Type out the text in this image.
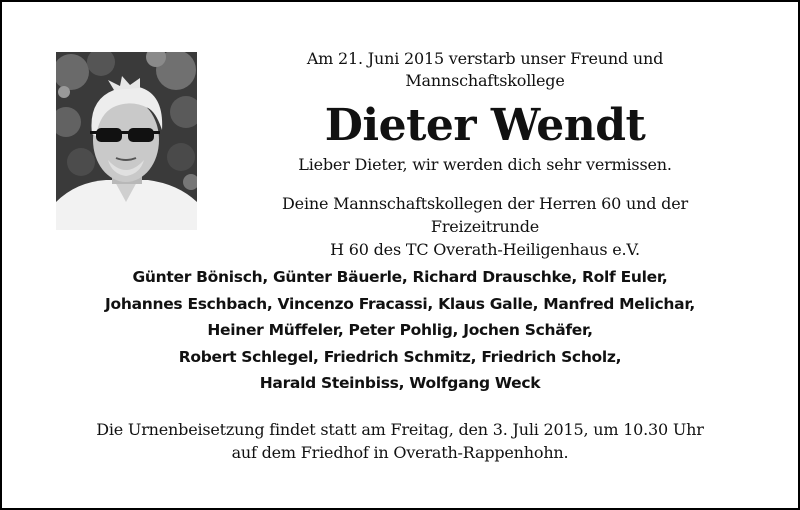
Am 21. Juni 2015 verstarb unser Freund und Mannschaftskollege
Dieter Wendt
Lieber Dieter, wir werden dich sehr vermissen.
Deine Mannschaftskollegen der Herren 60 und der Freizeitrunde
H 60 des TC Overath-Heiligenhaus e.V.
Günter Bönisch, Günter Bäuerle, Richard Drauschke, Rolf Euler,
Johannes Eschbach, Vincenzo Fracassi, Klaus Galle, Manfred Melichar,
Heiner Müffeler, Peter Pohlig, Jochen Schäfer,
Robert Schlegel, Friedrich Schmitz, Friedrich Scholz,
Harald Steinbiss, Wolfgang Weck
Die Urnenbeisetzung findet statt am Freitag, den 3. Juli 2015, um 10.30 Uhr
auf dem Friedhof in Overath-Rappenhohn.
